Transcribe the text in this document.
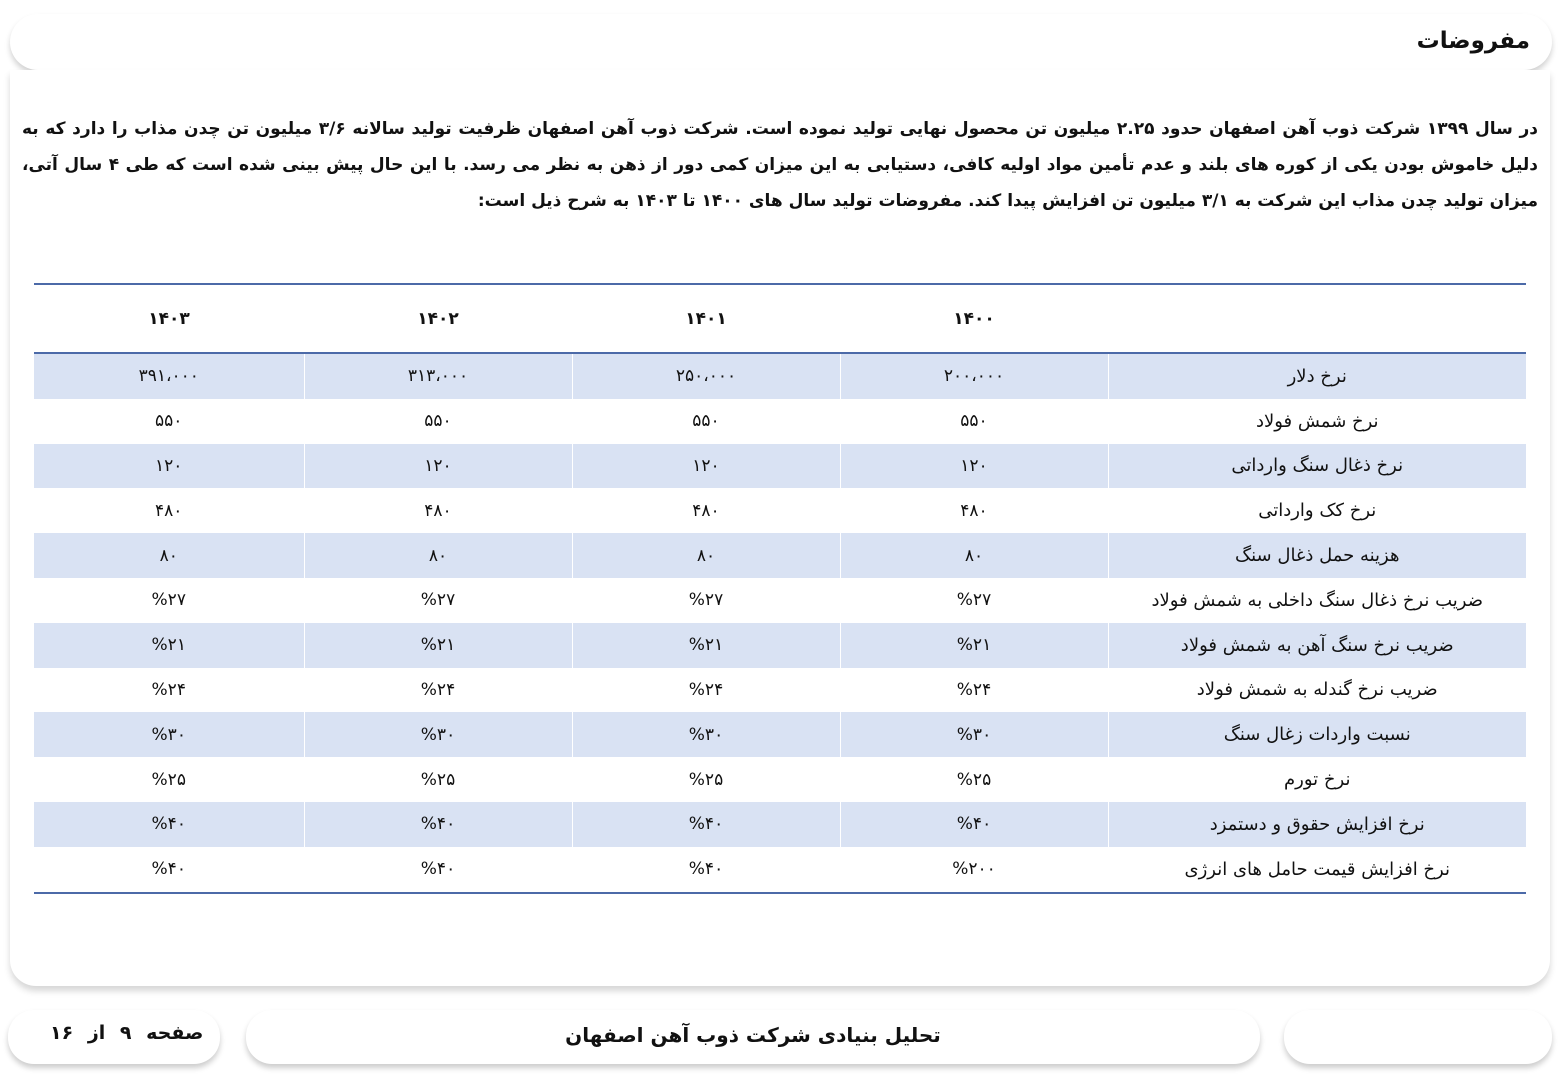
مفروضات

در سال ۱۳۹۹ شرکت ذوب آهن اصفهان حدود ۲.۲۵ میلیون تن محصول نهایی تولید نموده است. شرکت ذوب آهن اصفهان ظرفیت تولید سالانه ۳/۶ میلیون تن چدن مذاب را دارد که به دلیل خاموش بودن یکی از کوره های بلند و عدم تأمین مواد اولیه کافی، دستیابی به این میزان کمی دور از ذهن به نظر می رسد. با این حال پیش بینی شده است که طی ۴ سال آتی، میزان تولید چدن مذاب این شرکت به ۳/۱ میلیون تن افزایش پیدا کند. مفروضات تولید سال های ۱۴۰۰ تا ۱۴۰۳ به شرح ذیل است:

	۱۴۰۰	۱۴۰۱	۱۴۰۲	۱۴۰۳
نرخ دلار	۲۰۰،۰۰۰	۲۵۰،۰۰۰	۳۱۳،۰۰۰	۳۹۱،۰۰۰
نرخ شمش فولاد	۵۵۰	۵۵۰	۵۵۰	۵۵۰
نرخ ذغال سنگ وارداتی	۱۲۰	۱۲۰	۱۲۰	۱۲۰
نرخ کک وارداتی	۴۸۰	۴۸۰	۴۸۰	۴۸۰
هزینه حمل ذغال سنگ	۸۰	۸۰	۸۰	۸۰
ضریب نرخ ذغال سنگ داخلی به شمش فولاد	%۲۷	%۲۷	%۲۷	%۲۷
ضریب نرخ سنگ آهن به شمش فولاد	%۲۱	%۲۱	%۲۱	%۲۱
ضریب نرخ گندله به شمش فولاد	%۲۴	%۲۴	%۲۴	%۲۴
نسبت واردات زغال سنگ	%۳۰	%۳۰	%۳۰	%۳۰
نرخ تورم	%۲۵	%۲۵	%۲۵	%۲۵
نرخ افزایش حقوق و دستمزد	%۴۰	%۴۰	%۴۰	%۴۰
نرخ افزایش قیمت حامل های انرژی	%۲۰۰	%۴۰	%۴۰	%۴۰
صفحه ۹ از ۱۶	تحلیل بنیادی شرکت ذوب آهن اصفهان
